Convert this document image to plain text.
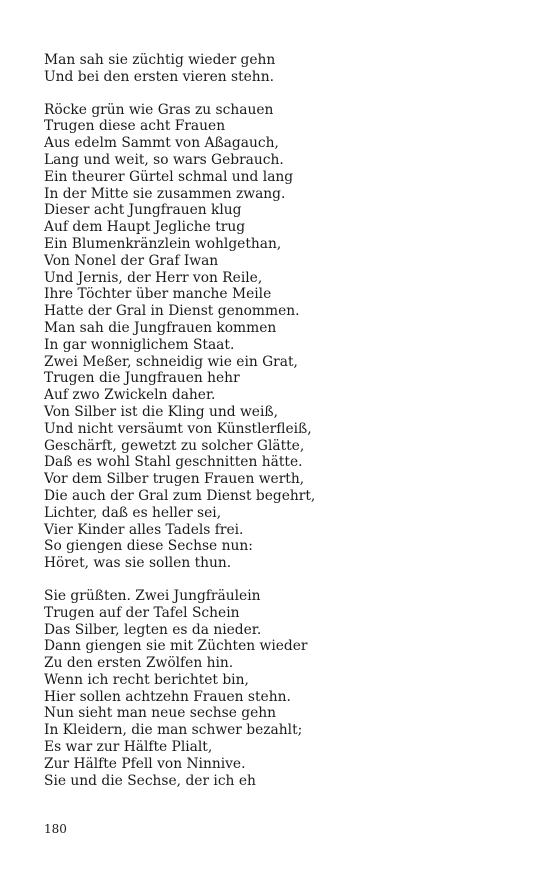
Man sah sie züchtig wieder gehn
Und bei den ersten vieren stehn.
Röcke grün wie Gras zu schauen
Trugen diese acht Frauen
Aus edelm Sammt von Aßagauch,
Lang und weit, so wars Gebrauch.
Ein theurer Gürtel schmal und lang
In der Mitte sie zusammen zwang.
Dieser acht Jungfrauen klug
Auf dem Haupt Jegliche trug
Ein Blumenkränzlein wohlgethan,
Von Nonel der Graf Iwan
Und Jernis, der Herr von Reile,
Ihre Töchter über manche Meile
Hatte der Gral in Dienst genommen.
Man sah die Jungfrauen kommen
In gar wonniglichem Staat.
Zwei Meßer, schneidig wie ein Grat,
Trugen die Jungfrauen hehr
Auf zwo Zwickeln daher.
Von Silber ist die Kling und weiß,
Und nicht versäumt von Künstlerfleiß,
Geschärft, gewetzt zu solcher Glätte,
Daß es wohl Stahl geschnitten hätte.
Vor dem Silber trugen Frauen werth,
Die auch der Gral zum Dienst begehrt,
Lichter, daß es heller sei,
Vier Kinder alles Tadels frei.
So giengen diese Sechse nun:
Höret, was sie sollen thun.
Sie grüßten. Zwei Jungfräulein
Trugen auf der Tafel Schein
Das Silber, legten es da nieder.
Dann giengen sie mit Züchten wieder
Zu den ersten Zwölfen hin.
Wenn ich recht berichtet bin,
Hier sollen achtzehn Frauen stehn.
Nun sieht man neue sechse gehn
In Kleidern, die man schwer bezahlt;
Es war zur Hälfte Plialt,
Zur Hälfte Pfell von Ninnive.
Sie und die Sechse, der ich eh
180
